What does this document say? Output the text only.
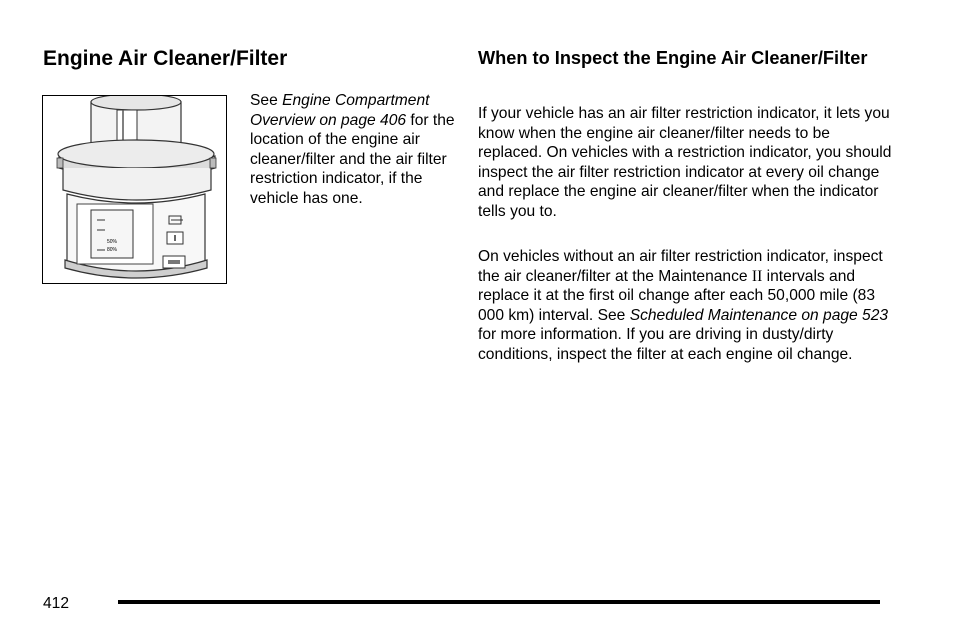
Engine Air Cleaner/Filter
50%
80%

See Engine Compartment Overview on page 406 for the location of the engine air cleaner/filter and the air filter restriction indicator, if the vehicle has one.

When to Inspect the Engine Air Cleaner/Filter

If your vehicle has an air filter restriction indicator, it lets you know when the engine air cleaner/filter needs to be replaced. On vehicles with a restriction indicator, you should inspect the air filter restriction indicator at every oil change and replace the engine air cleaner/filter when the indicator tells you to.

On vehicles without an air filter restriction indicator, inspect the air cleaner/filter at the Maintenance II intervals and replace it at the first oil change after each 50,000 mile (83 000 km) interval. See Scheduled Maintenance on page 523 for more information. If you are driving in dusty/dirty conditions, inspect the filter at each engine oil change.

412
